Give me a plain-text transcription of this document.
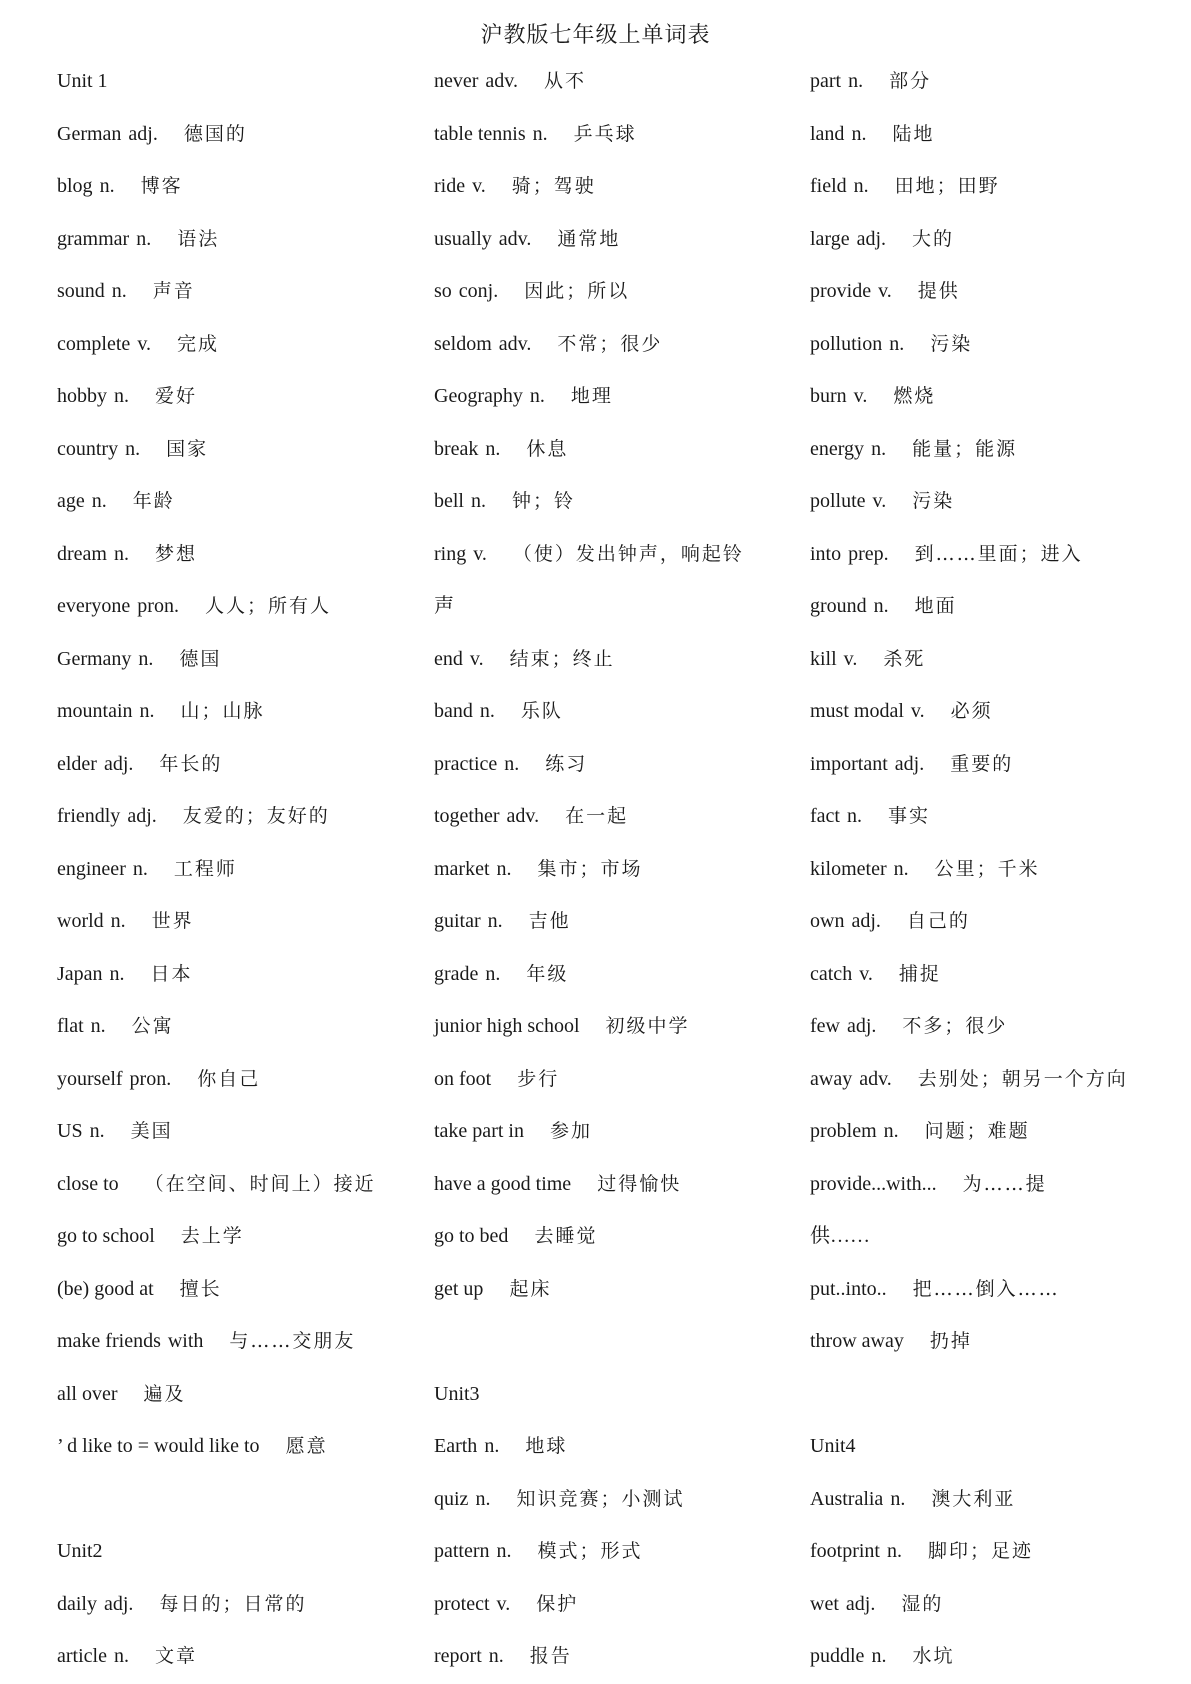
沪教版七年级上单词表
Unit 1
German adj. 德国的
blog n. 博客
grammar n. 语法
sound n. 声音
complete v. 完成
hobby n. 爱好
country n. 国家
age n. 年龄
dream n. 梦想
everyone pron. 人人；所有人
Germany n. 德国
mountain n. 山；山脉
elder adj. 年长的
friendly adj. 友爱的；友好的
engineer n. 工程师
world n. 世界
Japan n. 日本
flat n. 公寓
yourself pron. 你自己
US n. 美国
close to （在空间、时间上）接近
go to school 去上学
(be) good at 擅长
make friends with 与……交朋友
all over 遍及
’ d like to = would like to 愿意
Unit2
daily adj. 每日的；日常的
article n. 文章
never adv. 从不
table tennis n. 乒乓球
ride v. 骑；驾驶
usually adv. 通常地
so conj. 因此；所以
seldom adv. 不常；很少
Geography n. 地理
break n. 休息
bell n. 钟；铃
ring v. （使）发出钟声，响起铃
声
end v. 结束；终止
band n. 乐队
practice n. 练习
together adv. 在一起
market n. 集市；市场
guitar n. 吉他
grade n. 年级
junior high school 初级中学
on foot 步行
take part in 参加
have a good time 过得愉快
go to bed 去睡觉
get up 起床
Unit3
Earth n. 地球
quiz n. 知识竞赛；小测试
pattern n. 模式；形式
protect v. 保护
report n. 报告
part n. 部分
land n. 陆地
field n. 田地；田野
large adj. 大的
provide v. 提供
pollution n. 污染
burn v. 燃烧
energy n. 能量；能源
pollute v. 污染
into prep. 到……里面；进入
ground n. 地面
kill v. 杀死
must modal v. 必须
important adj. 重要的
fact n. 事实
kilometer n. 公里；千米
own adj. 自己的
catch v. 捕捉
few adj. 不多；很少
away adv. 去别处；朝另一个方向
problem n. 问题；难题
provide...with... 为……提
供……
put..into.. 把……倒入……
throw away 扔掉
Unit4
Australia n. 澳大利亚
footprint n. 脚印；足迹
wet adj. 湿的
puddle n. 水坑
